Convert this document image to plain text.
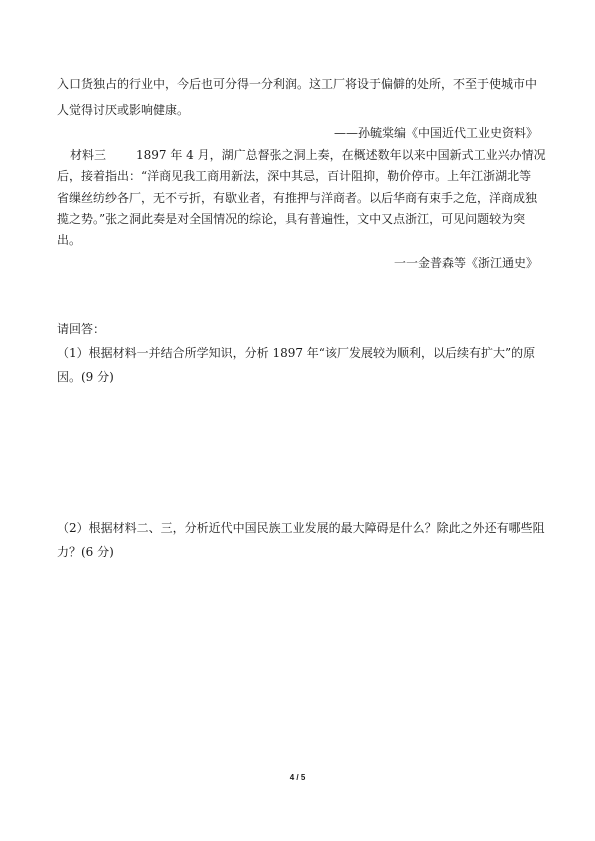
入口货独占的行业中，今后也可分得一分利润。这工厂将设于偏僻的处所，不至于使城市中
人觉得讨厌或影响健康。
——孙毓棠编《中国近代工业史资料》
材料三	1897 年 4 月，湖广总督张之洞上奏，在概述数年以来中国新式工业兴办情况
后，接着指出：“洋商见我工商用新法，深中其忌，百计阻抑，勒价停市。上年江浙湖北等
省缫丝纺纱各厂，无不亏折，有歇业者，有推押与洋商者。以后华商有束手之危，洋商成独
揽之势。”张之洞此奏是对全国情况的综论，具有普遍性，文中又点浙江，可见问题较为突
出。
一一金普森等《浙江通史》
请回答：
（1）根据材料一并结合所学知识，分析 1897 年“该厂发展较为顺利，以后续有扩大”的原
因。(9 分)
（2）根据材料二、三，分析近代中国民族工业发展的最大障碍是什么？除此之外还有哪些阻
力？(6 分)
4 / 5
